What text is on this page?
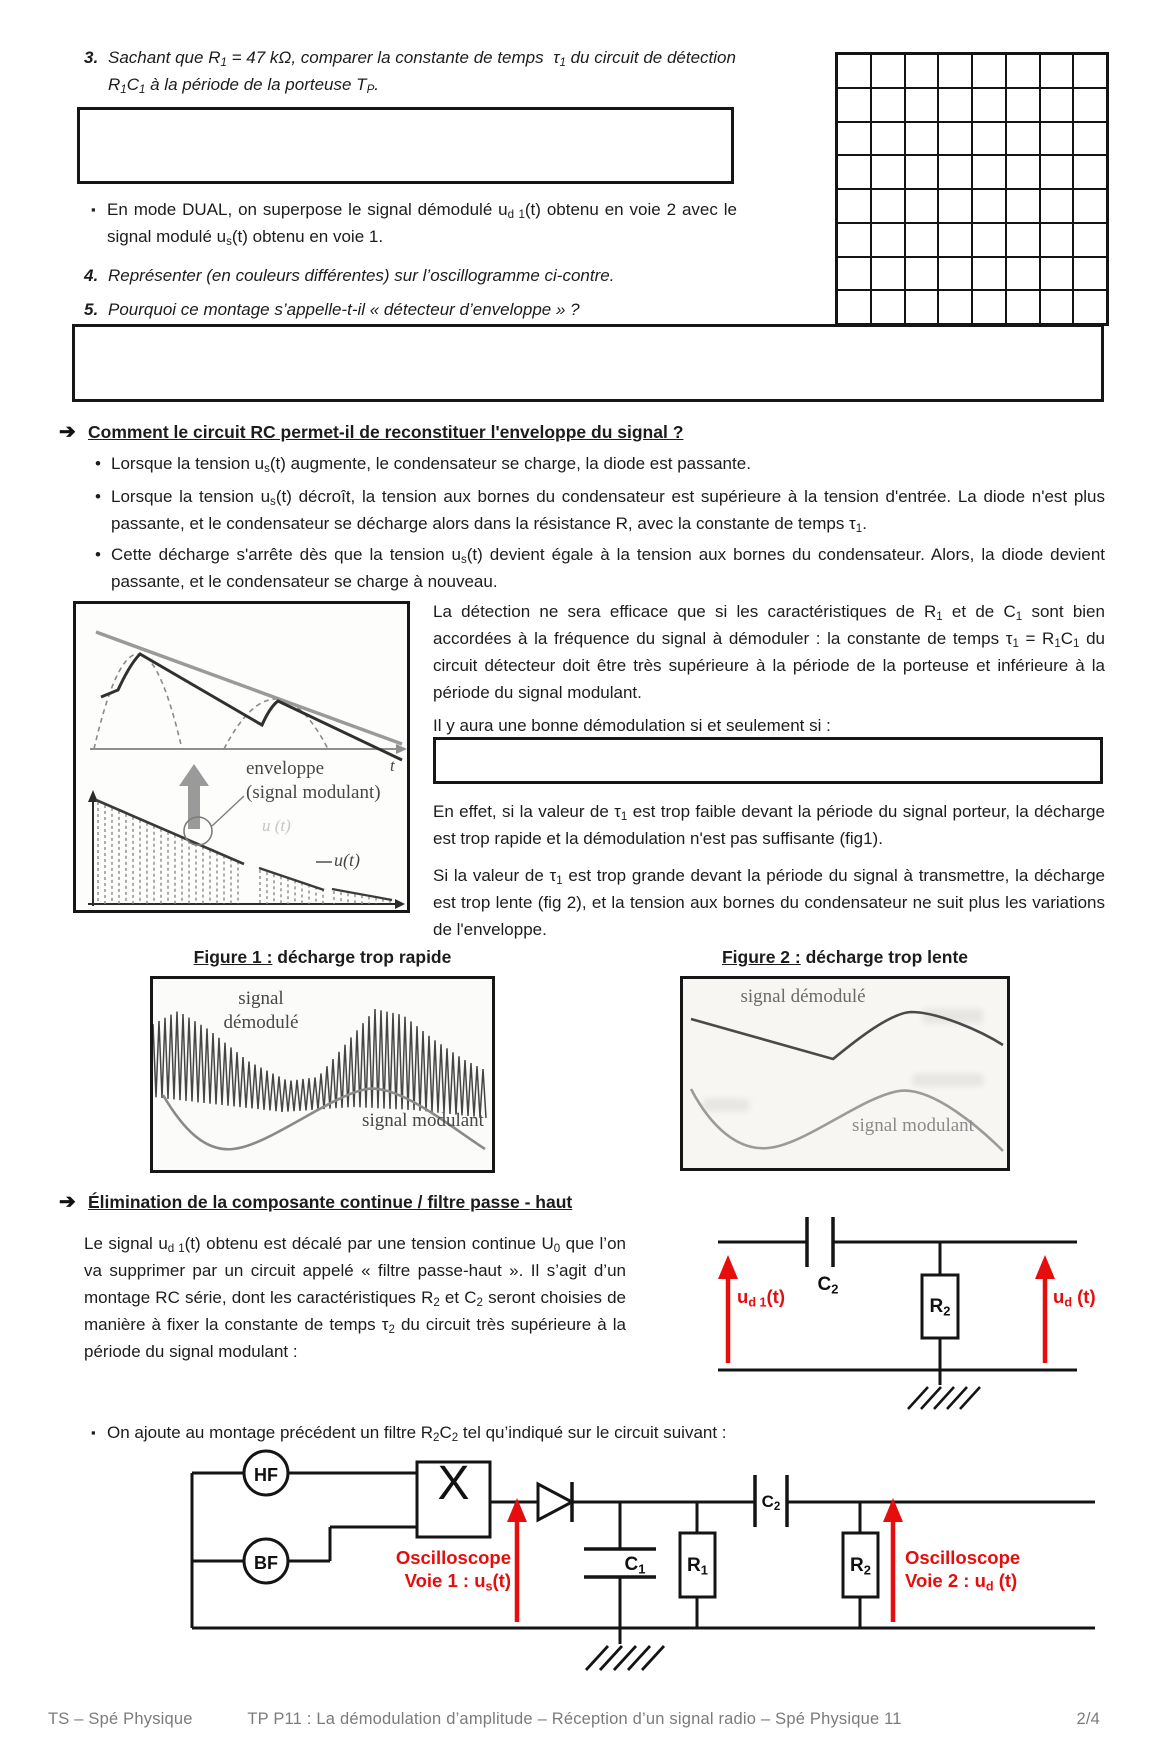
3. Sachant que $R_1 = 47$ kΩ, comparer la constante de temps  $\tau_1$ du circuit de détection $R_1C_1$ à la période de la porteuse $T_P$.
▪ En mode DUAL, on superpose le signal démodulé $u_{d 1}(t)$ obtenu en voie 2 avec le signal modulé $u_s(t)$ obtenu en voie 1.
4. Représenter (en couleurs différentes) sur l’oscillogramme ci-contre.
5. Pourquoi ce montage s’appelle-t-il « détecteur d’enveloppe » ?
➔ Comment le circuit RC permet-il de reconstituer l'enveloppe du signal ?
• Lorsque la tension $u_s(t)$ augmente, le condensateur se charge, la diode est passante.
• Lorsque la tension $u_s(t)$ décroît, la tension aux bornes du condensateur est supérieure à la tension d'entrée. La diode n'est plus passante, et le condensateur se décharge alors dans la résistance R, avec la constante de temps $\tau_1$.
• Cette décharge s'arrête dès que la tension $u_s(t)$ devient égale à la tension aux bornes du condensateur. Alors, la diode devient passante, et le condensateur se charge à nouveau.
enveloppe
(signal modulant)
u(t)
u (t)
t
La détection ne sera efficace que si les caractéristiques de $R_1$ et de $C_1$ sont bien accordées à la fréquence du signal à démoduler : la constante de temps $\tau_1 = R_1C_1$ du circuit détecteur doit être très supérieure à la période de la porteuse et inférieure à la période du signal modulant.
Il y aura une bonne démodulation si et seulement si :
En effet, si la valeur de $\tau_1$ est trop faible devant la période du signal porteur, la décharge est trop rapide et la démodulation n'est pas suffisante (fig1).
Si la valeur de $\tau_1$ est trop grande devant la période du signal à transmettre, la décharge est trop lente (fig 2), et la tension aux bornes du condensateur ne suit plus les variations de l'enveloppe.
Figure 1 : décharge trop rapide	Figure 2 : décharge trop lente
signal démodulé
signal modulant
signal démodulé
signal modulant
➔ Élimination de la composante continue / filtre passe - haut
Le signal $u_{d 1}(t)$ obtenu est décalé par une tension continue $U_0$ que l’on va supprimer par un circuit appelé « filtre passe-haut ». Il s’agit d’un montage RC série, dont les caractéristiques $R_2$ et $C_2$ seront choisies de manière à fixer la constante de temps $\tau_2$ du circuit très supérieure à la période du signal modulant :
$C_2$
$R_2$
$u_{d 1}(t)$	$u_d$ (t)
▪ On ajoute au montage précédent un filtre $R_2C_2$ tel qu’indiqué sur le circuit suivant :
HF
BF
X
$C_1$	$R_1$
$C_2$
$R_2$
Oscilloscope
Voie 1 : $u_s(t)$
Oscilloscope
Voie 2 : $u_d$ (t)
TS – Spé Physique	TP P11 : La démodulation d’amplitude – Réception d’un signal radio – Spé Physique 11	2/4
